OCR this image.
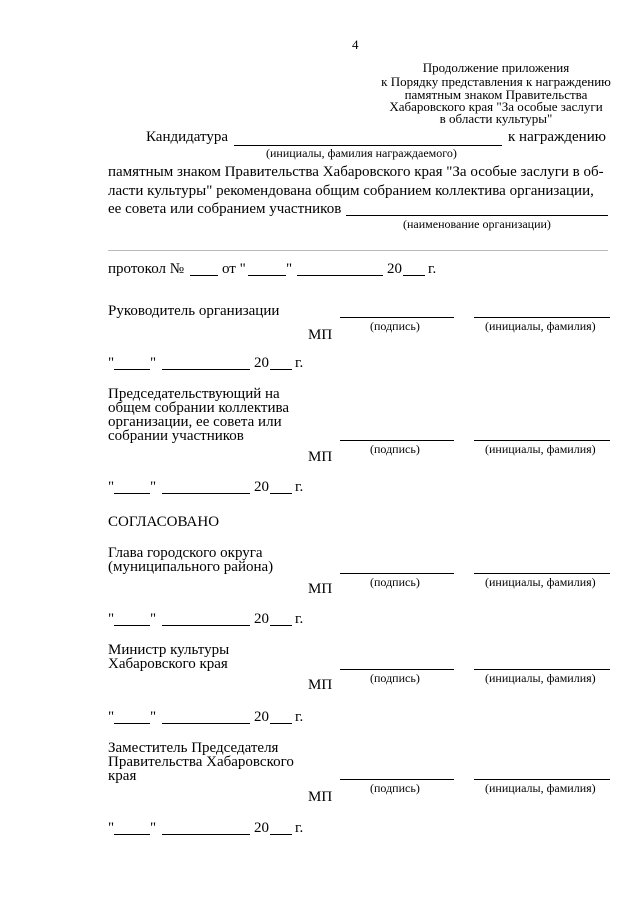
4
Продолжение приложения
к Порядку представления к награждению
памятным знаком Правительства
Хабаровского края "За особые заслуги
в области культуры"
Кандидатура	к награждению
(инициалы, фамилия награждаемого)
памятным знаком Правительства Хабаровского края "За особые заслуги в об-
ласти культуры" рекомендована общим собранием коллектива организации,
ее совета или собранием участников
(наименование организации)
протокол №	от "	"	20 г.
Руководитель организации
(подпись)	(инициалы, фамилия)
МП
" "	20 г.
Председательствующий на
общем собрании коллектива
организации, ее совета или
собрании участников
(подпись)	(инициалы, фамилия)
МП
" "	20 г.
СОГЛАСОВАНО
Глава городского округа
(муниципального района)
(подпись)	(инициалы, фамилия)
МП
" "	20 г.
Министр культуры
Хабаровского края
(подпись)	(инициалы, фамилия)
МП
" "	20 г.
Заместитель Председателя
Правительства Хабаровского
края
(подпись)	(инициалы, фамилия)
МП
" "	20 г.
